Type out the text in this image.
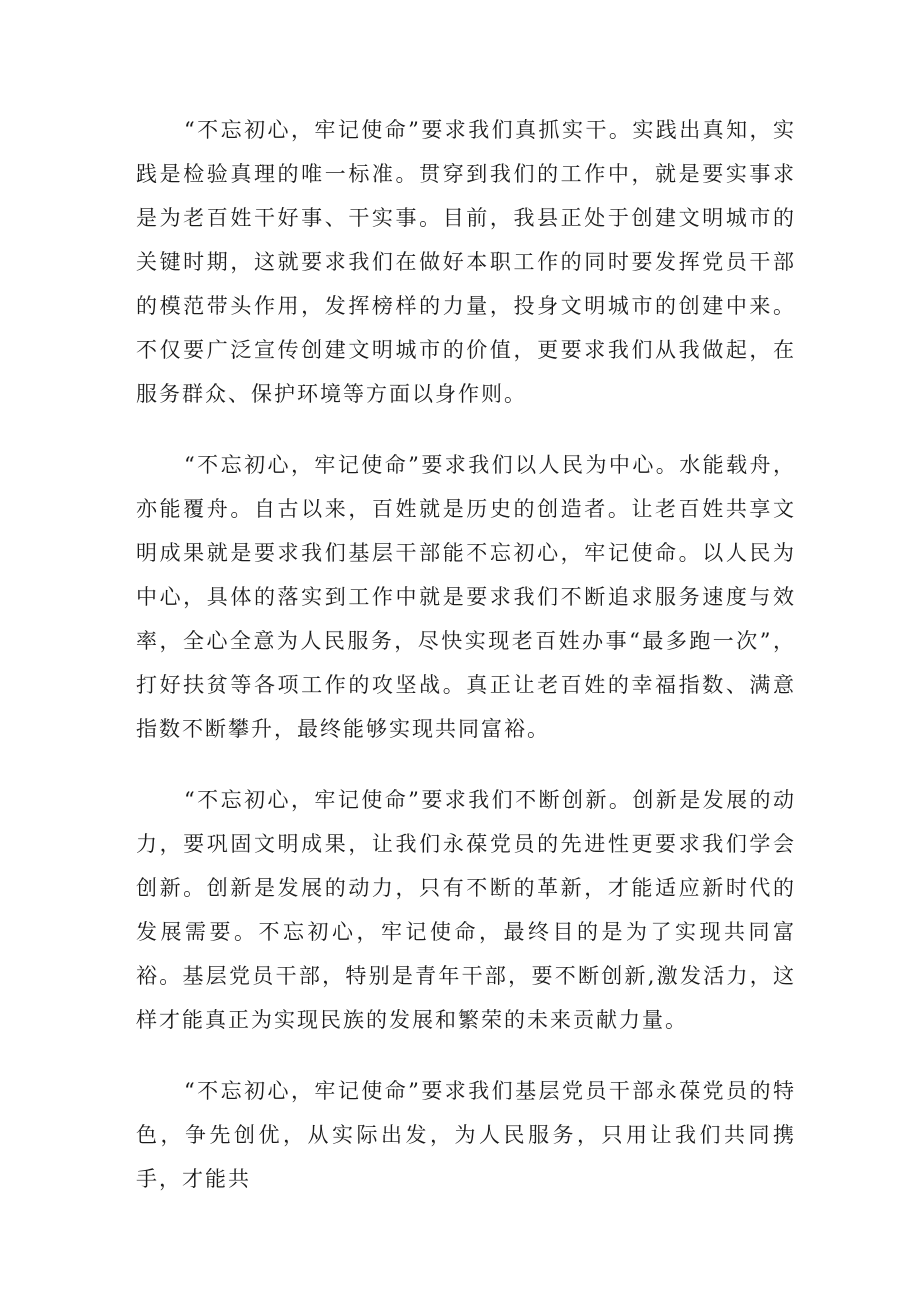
“不忘初心，牢记使命”要求我们真抓实干。实践出真知，实践是检验真理的唯一标准。贯穿到我们的工作中，就是要实事求是为老百姓干好事、干实事。目前，我县正处于创建文明城市的关键时期，这就要求我们在做好本职工作的同时要发挥党员干部的模范带头作用，发挥榜样的力量，投身文明城市的创建中来。不仅要广泛宣传创建文明城市的价值，更要求我们从我做起，在服务群众、保护环境等方面以身作则。

“不忘初心，牢记使命”要求我们以人民为中心。水能载舟，亦能覆舟。自古以来，百姓就是历史的创造者。让老百姓共享文明成果就是要求我们基层干部能不忘初心，牢记使命。以人民为中心，具体的落实到工作中就是要求我们不断追求服务速度与效率，全心全意为人民服务，尽快实现老百姓办事“最多跑一次”，打好扶贫等各项工作的攻坚战。真正让老百姓的幸福指数、满意指数不断攀升，最终能够实现共同富裕。

“不忘初心，牢记使命”要求我们不断创新。创新是发展的动力，要巩固文明成果，让我们永葆党员的先进性更要求我们学会创新。创新是发展的动力，只有不断的革新，才能适应新时代的发展需要。不忘初心，牢记使命，最终目的是为了实现共同富裕。基层党员干部，特别是青年干部，要不断创新,激发活力，这样才能真正为实现民族的发展和繁荣的未来贡献力量。

“不忘初心，牢记使命”要求我们基层党员干部永葆党员的特色，争先创优，从实际出发，为人民服务，只用让我们共同携手，才能共
